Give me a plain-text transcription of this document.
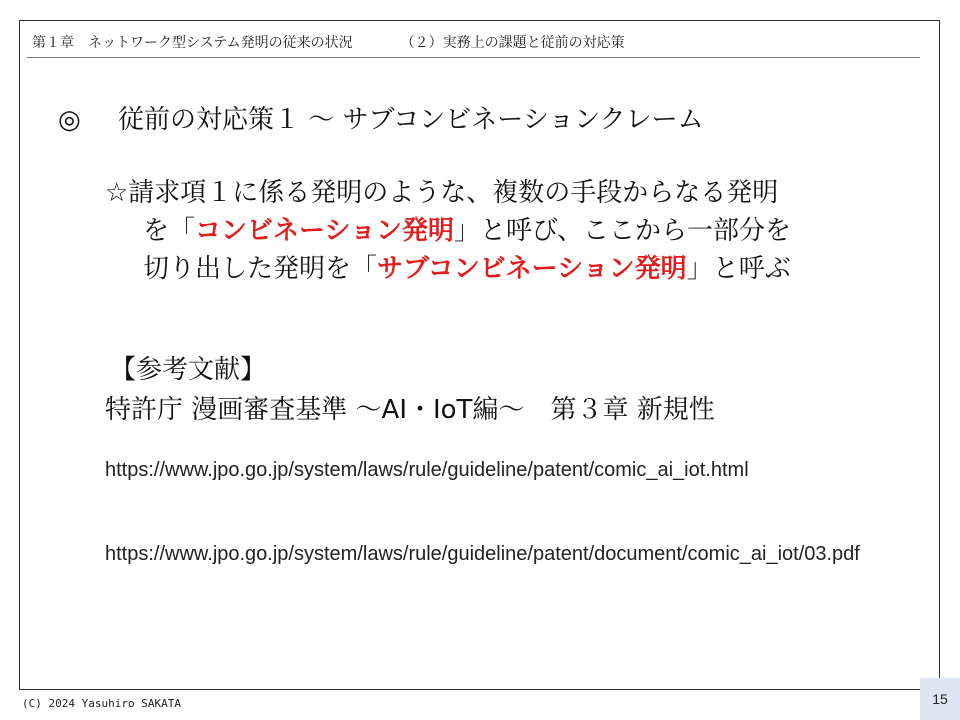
第１章　ネットワーク型システム発明の従来の状況	（２）実務上の課題と従前の対応策
◎ 従前の対応策１ ～ サブコンビネーションクレーム
☆請求項１に係る発明のような、複数の手段からなる発明
を「コンビネーション発明」と呼び、ここから一部分を
切り出した発明を「サブコンビネーション発明」と呼ぶ
【参考文献】
特許庁 漫画審査基準 ～AI・IoT編～　第３章 新規性
https://www.jpo.go.jp/system/laws/rule/guideline/patent/comic_ai_iot.html
https://www.jpo.go.jp/system/laws/rule/guideline/patent/document/comic_ai_iot/03.pdf
(C) 2024 Yasuhiro SAKATA	15
